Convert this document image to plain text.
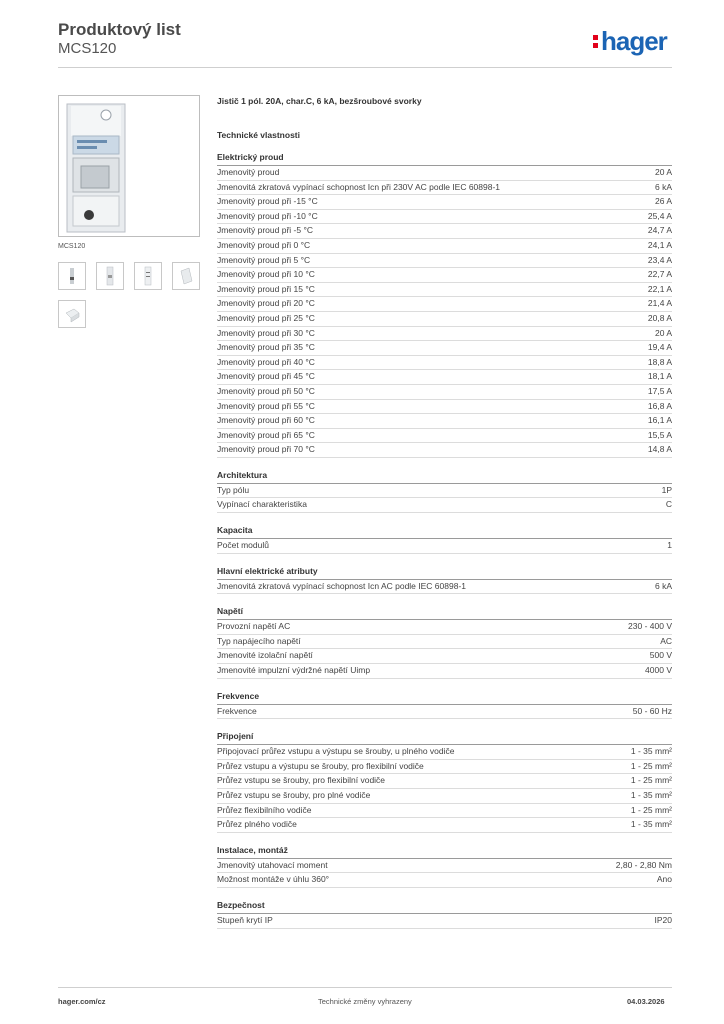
Produktový list
MCS120	hager
MCS120
Jistič 1 pól. 20A, char.C, 6 kA, bezšroubové svorky
Technické vlastnosti
Elektrický proud
Jmenovitý proud	20 A
Jmenovitá zkratová vypínací schopnost Icn při 230V AC podle IEC 60898-1	6 kA
Jmenovitý proud při -15 °C	26 A
Jmenovitý proud při -10 °C	25,4 A
Jmenovitý proud při -5 °C	24,7 A
Jmenovitý proud při 0 °C	24,1 A
Jmenovitý proud při 5 °C	23,4 A
Jmenovitý proud při 10 °C	22,7 A
Jmenovitý proud při 15 °C	22,1 A
Jmenovitý proud při 20 °C	21,4 A
Jmenovitý proud při 25 °C	20,8 A
Jmenovitý proud při 30 °C	20 A
Jmenovitý proud při 35 °C	19,4 A
Jmenovitý proud při 40 °C	18,8 A
Jmenovitý proud při 45 °C	18,1 A
Jmenovitý proud při 50 °C	17,5 A
Jmenovitý proud při 55 °C	16,8 A
Jmenovitý proud při 60 °C	16,1 A
Jmenovitý proud při 65 °C	15,5 A
Jmenovitý proud při 70 °C	14,8 A
Architektura
Typ pólu	1P
Vypínací charakteristika	C
Kapacita
Počet modulů	1
Hlavní elektrické atributy
Jmenovitá zkratová vypínací schopnost Icn AC podle IEC 60898-1	6 kA
Napětí
Provozní napětí AC	230 - 400 V
Typ napájecího napětí	AC
Jmenovité izolační napětí	500 V
Jmenovité impulzní výdržné napětí Uimp	4000 V
Frekvence
Frekvence	50 - 60 Hz
Připojení
Připojovací průřez vstupu a výstupu se šrouby, u plného vodiče	1 - 35 mm²
Průřez vstupu a výstupu se šrouby, pro flexibilní vodiče	1 - 25 mm²
Průřez vstupu se šrouby, pro flexibilní vodiče	1 - 25 mm²
Průřez vstupu se šrouby, pro plné vodiče	1 - 35 mm²
Průřez flexibilního vodiče	1 - 25 mm²
Průřez plného vodiče	1 - 35 mm²
Instalace, montáž
Jmenovitý utahovací moment	2,80 - 2,80 Nm
Možnost montáže v úhlu 360°	Ano
Bezpečnost
Stupeň krytí IP	IP20
hager.com/cz	Technické změny vyhrazeny	04.03.2026
